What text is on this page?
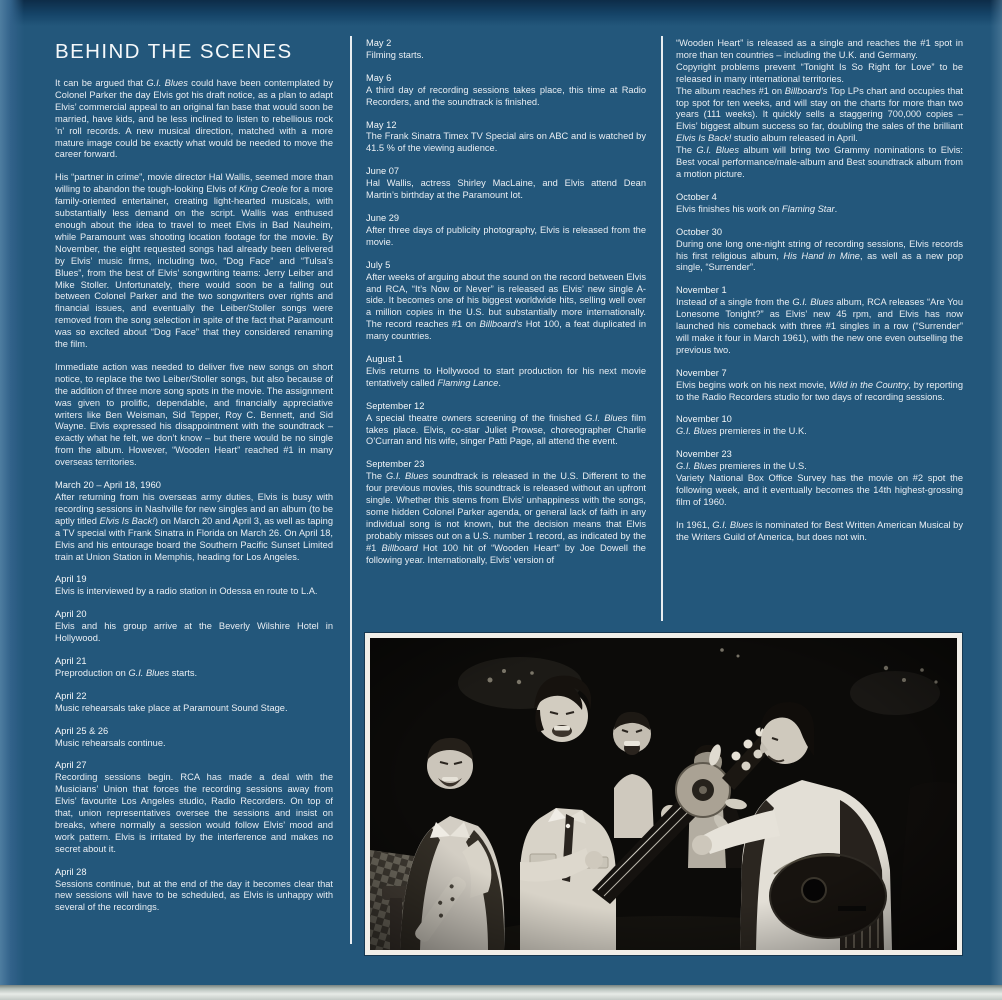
BEHIND THE SCENES
It can be argued that G.I. Blues could have been contemplated by Colonel Parker the day Elvis got his draft notice, as a plan to adapt Elvis’ commercial appeal to an original fan base that would soon be married, have kids, and be less inclined to listen to rebellious rock ’n’ roll records. A new musical direction, matched with a more mature image could be exactly what would be needed to move the career forward.
His “partner in crime”, movie director Hal Wallis, seemed more than willing to abandon the tough-looking Elvis of King Creole for a more family-oriented entertainer, creating light-hearted musicals, with substantially less demand on the script. Wallis was enthused enough about the idea to travel to meet Elvis in Bad Nauheim, while Paramount was shooting location footage for the movie. By November, the eight requested songs had already been delivered by Elvis’ music firms, including two, “Dog Face” and “Tulsa’s Blues”, from the best of Elvis’ songwriting teams: Jerry Leiber and Mike Stoller. Unfortunately, there would soon be a falling out between Colonel Parker and the two songwriters over rights and financial issues, and eventually the Leiber/Stoller songs were removed from the song selection in spite of the fact that Paramount was so excited about “Dog Face” that they considered renaming the film.
Immediate action was needed to deliver five new songs on short notice, to replace the two Leiber/Stoller songs, but also because of the addition of three more song spots in the movie. The assignment was given to prolific, dependable, and financially appreciative writers like Ben Weisman, Sid Tepper, Roy C. Bennett, and Sid Wayne. Elvis expressed his disappointment with the soundtrack – exactly what he felt, we don’t know – but there would be no single from the album. However, “Wooden Heart” reached #1 in many overseas territories.
March 20 – April 18, 1960
After returning from his overseas army duties, Elvis is busy with recording sessions in Nashville for new singles and an album (to be aptly titled Elvis Is Back!) on March 20 and April 3, as well as taping a TV special with Frank Sinatra in Florida on March 26. On April 18, Elvis and his entourage board the Southern Pacific Sunset Limited train at Union Station in Memphis, heading for Los Angeles.
April 19
Elvis is interviewed by a radio station in Odessa en route to L.A.
April 20
Elvis and his group arrive at the Beverly Wilshire Hotel in Hollywood.
April 21
Preproduction on G.I. Blues starts.
April 22
Music rehearsals take place at Paramount Sound Stage.
April 25 & 26
Music rehearsals continue.
April 27
Recording sessions begin. RCA has made a deal with the Musicians’ Union that forces the recording sessions away from Elvis’ favourite Los Angeles studio, Radio Recorders. On top of that, union representatives oversee the sessions and insist on breaks, where normally a session would follow Elvis’ mood and work pattern. Elvis is irritated by the interference and makes no secret about it.
April 28
Sessions continue, but at the end of the day it becomes clear that new sessions will have to be scheduled, as Elvis is unhappy with several of the recordings.
May 2
Filming starts.
May 6
A third day of recording sessions takes place, this time at Radio Recorders, and the soundtrack is finished.
May 12
The Frank Sinatra Timex TV Special airs on ABC and is watched by 41.5 % of the viewing audience.
June 07
Hal Wallis, actress Shirley MacLaine, and Elvis attend Dean Martin’s birthday at the Paramount lot.
June 29
After three days of publicity photography, Elvis is released from the movie.
July 5
After weeks of arguing about the sound on the record between Elvis and RCA, “It’s Now or Never” is released as Elvis’ new single A-side. It becomes one of his biggest worldwide hits, selling well over a million copies in the U.S. but substantially more internationally. The record reaches #1 on Billboard’s Hot 100, a feat duplicated in many countries.
August 1
Elvis returns to Hollywood to start production for his next movie tentatively called Flaming Lance.
September 12
A special theatre owners screening of the finished G.I. Blues film takes place. Elvis, co-star Juliet Prowse, choreographer Charlie O’Curran and his wife, singer Patti Page, all attend the event.
September 23
The G.I. Blues soundtrack is released in the U.S. Different to the four previous movies, this soundtrack is released without an upfront single. Whether this stems from Elvis’ unhappiness with the songs, some hidden Colonel Parker agenda, or general lack of faith in any individual song is not known, but the decision means that Elvis probably misses out on a U.S. number 1 record, as indicated by the #1 Billboard Hot 100 hit of “Wooden Heart” by Joe Dowell the following year. Internationally, Elvis’ version of
“Wooden Heart” is released as a single and reaches the #1 spot in more than ten countries – including the U.K. and Germany.
Copyright problems prevent “Tonight Is So Right for Love” to be released in many international territories.
The album reaches #1 on Billboard’s Top LPs chart and occupies that top spot for ten weeks, and will stay on the charts for more than two years (111 weeks). It quickly sells a staggering 700,000 copies – Elvis’ biggest album success so far, doubling the sales of the brilliant Elvis Is Back! studio album released in April.
The G.I. Blues album will bring two Grammy nominations to Elvis: Best vocal performance/male-album and Best soundtrack album from a motion picture.
October 4
Elvis finishes his work on Flaming Star.
October 30
During one long one-night string of recording sessions, Elvis records his first religious album, His Hand in Mine, as well as a new pop single, “Surrender”.
November 1
Instead of a single from the G.I. Blues album, RCA releases “Are You Lonesome Tonight?” as Elvis’ new 45 rpm, and Elvis has now launched his comeback with three #1 singles in a row (“Surrender” will make it four in March 1961), with the new one even outselling the previous two.
November 7
Elvis begins work on his next movie, Wild in the Country, by reporting to the Radio Recorders studio for two days of recording sessions.
November 10
G.I. Blues premieres in the U.K.
November 23
G.I. Blues premieres in the U.S.
Variety National Box Office Survey has the movie on #2 spot the following week, and it eventually becomes the 14th highest-grossing film of 1960.
In 1961, G.I. Blues is nominated for Best Written American Musical by the Writers Guild of America, but does not win.
